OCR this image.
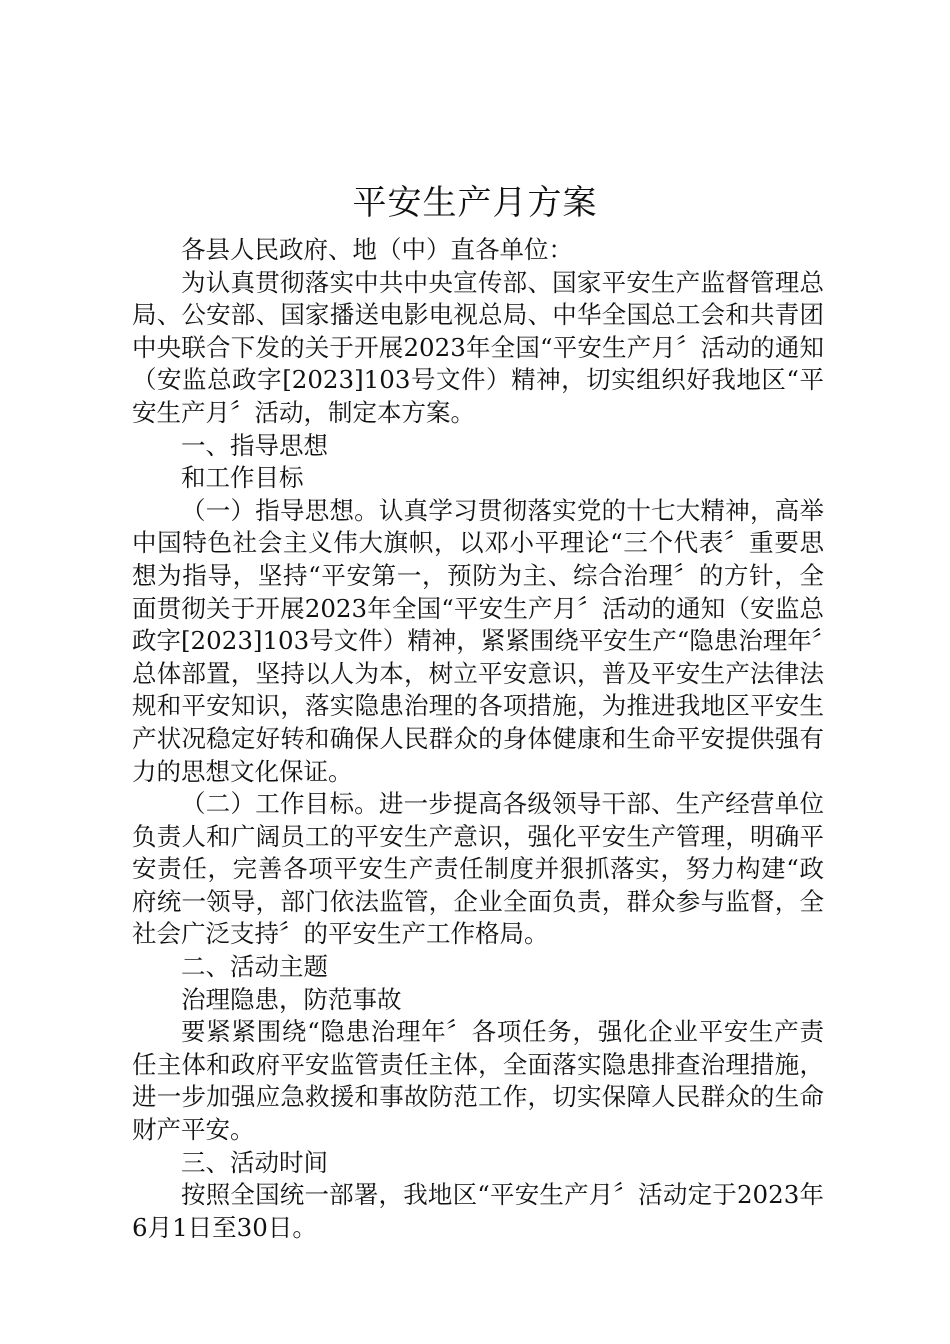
平安生产月方案

各县人民政府、地（中）直各单位：

为认真贯彻落实中共中央宣传部、国家平安生产监督管理总局、公安部、国家播送电影电视总局、中华全国总工会和共青团中央联合下发的关于开展2023年全国“平安生产月〞活动的通知（安监总政字[2023]103号文件）精神，切实组织好我地区“平安生产月〞活动，制定本方案。

一、指导思想

和工作目标

（一）指导思想。认真学习贯彻落实党的十七大精神，高举中国特色社会主义伟大旗帜，以邓小平理论“三个代表〞重要思想为指导，坚持“平安第一，预防为主、综合治理〞的方针，全面贯彻关于开展2023年全国“平安生产月〞活动的通知（安监总政字[2023]103号文件）精神，紧紧围绕平安生产“隐患治理年〞总体部置，坚持以人为本，树立平安意识，普及平安生产法律法规和平安知识，落实隐患治理的各项措施，为推进我地区平安生产状况稳定好转和确保人民群众的身体健康和生命平安提供强有力的思想文化保证。

（二）工作目标。进一步提高各级领导干部、生产经营单位负责人和广阔员工的平安生产意识，强化平安生产管理，明确平安责任，完善各项平安生产责任制度并狠抓落实，努力构建“政府统一领导，部门依法监管，企业全面负责，群众参与监督，全社会广泛支持〞的平安生产工作格局。

二、活动主题

治理隐患，防范事故

要紧紧围绕“隐患治理年〞各项任务，强化企业平安生产责任主体和政府平安监管责任主体，全面落实隐患排查治理措施，进一步加强应急救援和事故防范工作，切实保障人民群众的生命财产平安。

三、活动时间

按照全国统一部署，我地区“平安生产月〞活动定于2023年6月1日至30日。
